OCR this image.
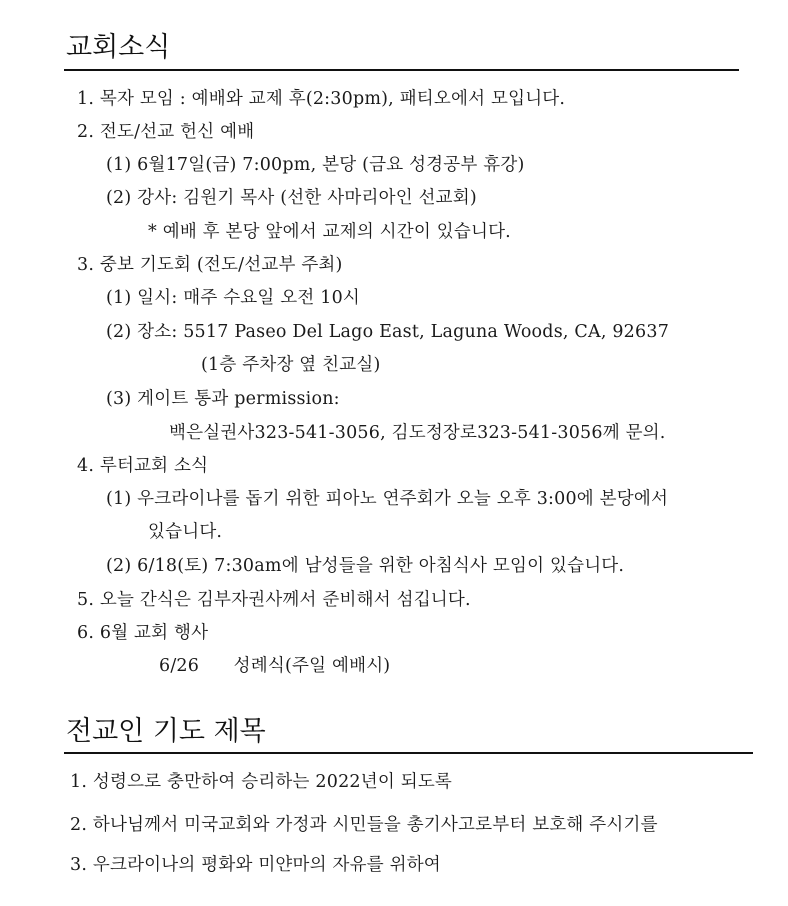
교회소식
1. 목자 모임 : 예배와 교제 후(2:30pm), 패티오에서 모입니다.
2. 전도/선교 헌신 예배
(1) 6월17일(금) 7:00pm, 본당 (금요 성경공부 휴강)
(2) 강사: 김원기 목사 (선한 사마리아인 선교회)
* 예배 후 본당 앞에서 교제의 시간이 있습니다.
3. 중보 기도회 (전도/선교부 주최)
(1) 일시: 매주 수요일 오전 10시
(2) 장소: 5517 Paseo Del Lago East, Laguna Woods, CA, 92637
(1층 주차장 옆 친교실)
(3) 게이트 통과 permission:
백은실권사323-541-3056, 김도정장로323-541-3056께 문의.
4. 루터교회 소식
(1) 우크라이나를 돕기 위한 피아노 연주회가 오늘 오후 3:00에 본당에서
있습니다.
(2) 6/18(토) 7:30am에 남성들을 위한 아침식사 모임이 있습니다.
5. 오늘 간식은 김부자권사께서 준비해서 섬깁니다.
6. 6월 교회 행사
6/26      성례식(주일 예배시)
전교인 기도 제목
1. 성령으로 충만하여 승리하는 2022년이 되도록
2. 하나님께서 미국교회와 가정과 시민들을 총기사고로부터 보호해 주시기를
3. 우크라이나의 평화와 미얀마의 자유를 위하여
